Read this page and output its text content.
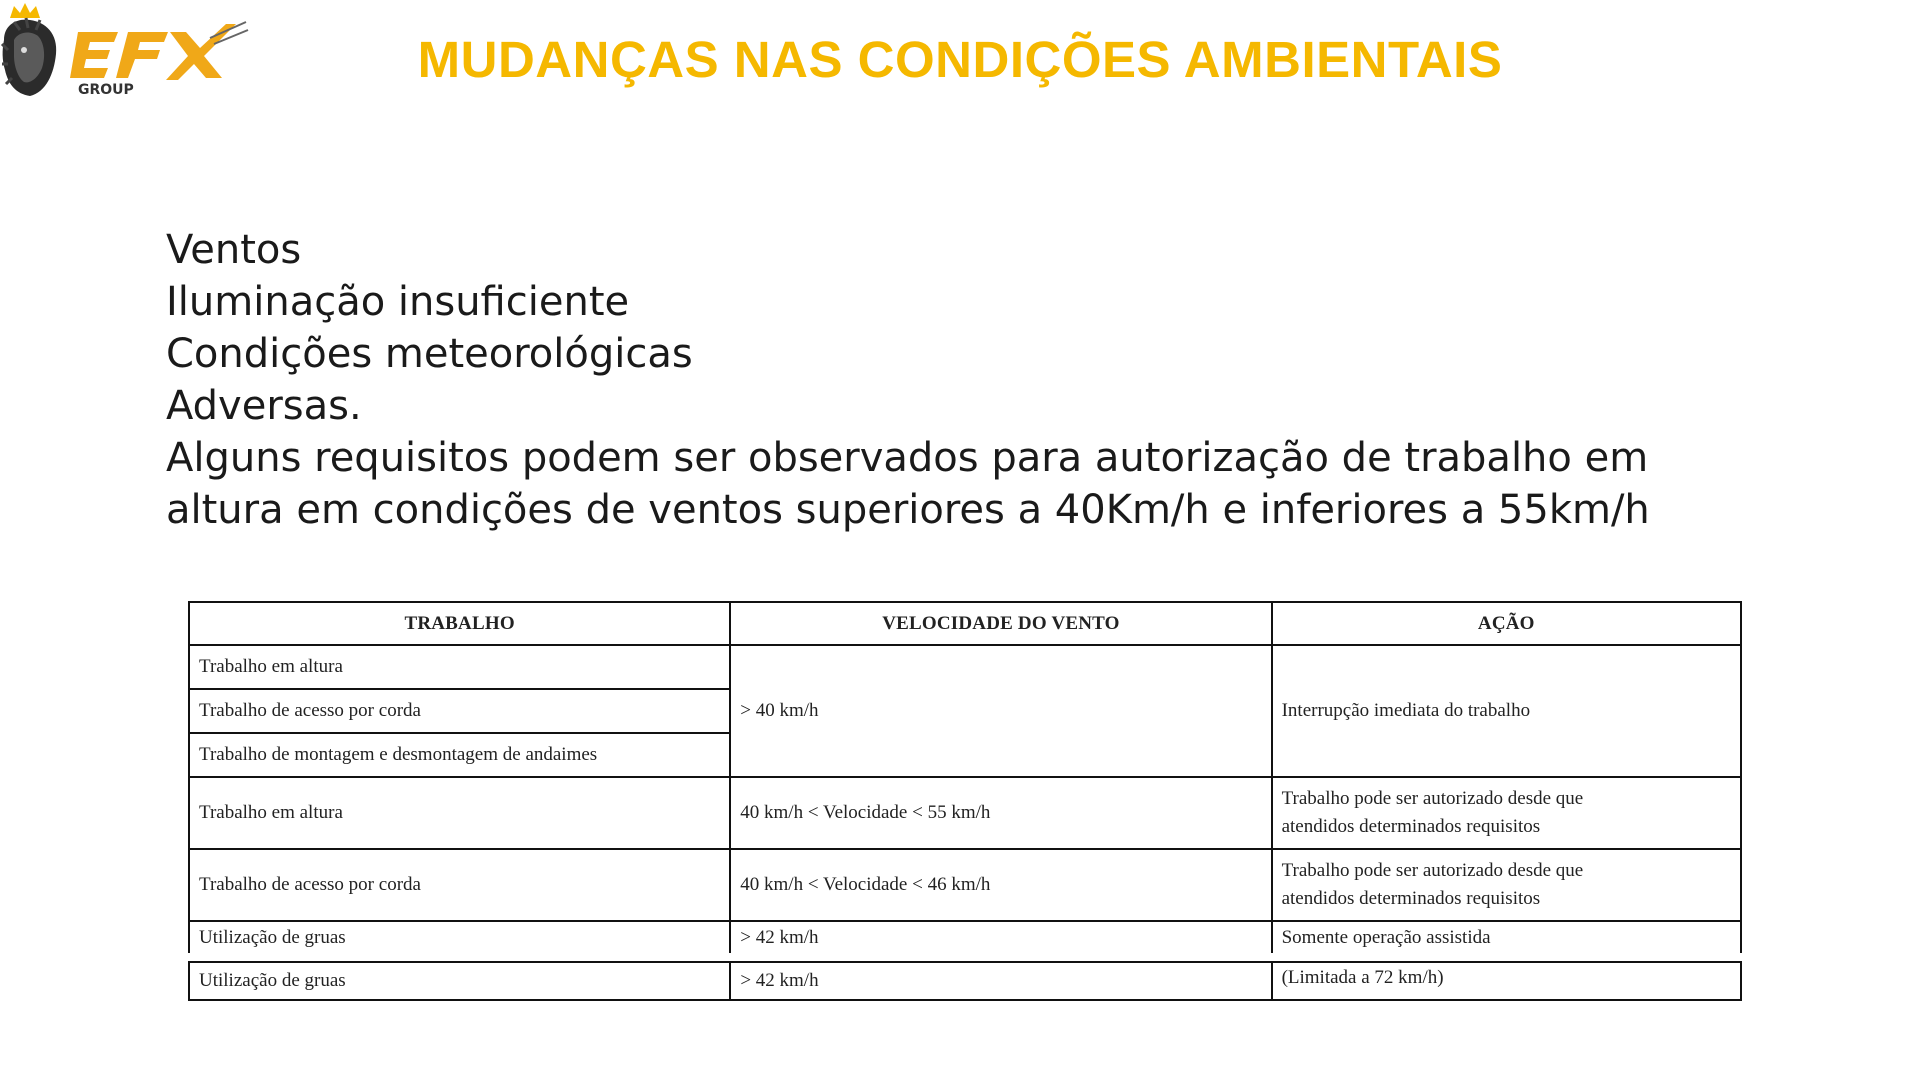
GROUP
MUDANÇAS NAS CONDIÇÕES AMBIENTAIS
Ventos
Iluminação insuficiente
Condições meteorológicas
Adversas.
Alguns requisitos podem ser observados para autorização de trabalho em
altura em condições de ventos superiores a 40Km/h e inferiores a 55km/h
TRABALHO	VELOCIDADE DO VENTO	AÇÃO
Trabalho em altura	> 40 km/h	Interrupção imediata do trabalho
Trabalho de acesso por corda		
Trabalho de montagem e desmontagem de andaimes		
Trabalho em altura	40 km/h < Velocidade < 55 km/h	Trabalho pode ser autorizado desde que
atendidos determinados requisitos

Trabalho de acesso por corda	40 km/h < Velocidade < 46 km/h	Trabalho pode ser autorizado desde que
atendidos determinados requisitos

Utilização de gruas	> 42 km/h	Somente operação assistida
Utilização de gruas	> 42 km/h	(Limitada a 72 km/h)
